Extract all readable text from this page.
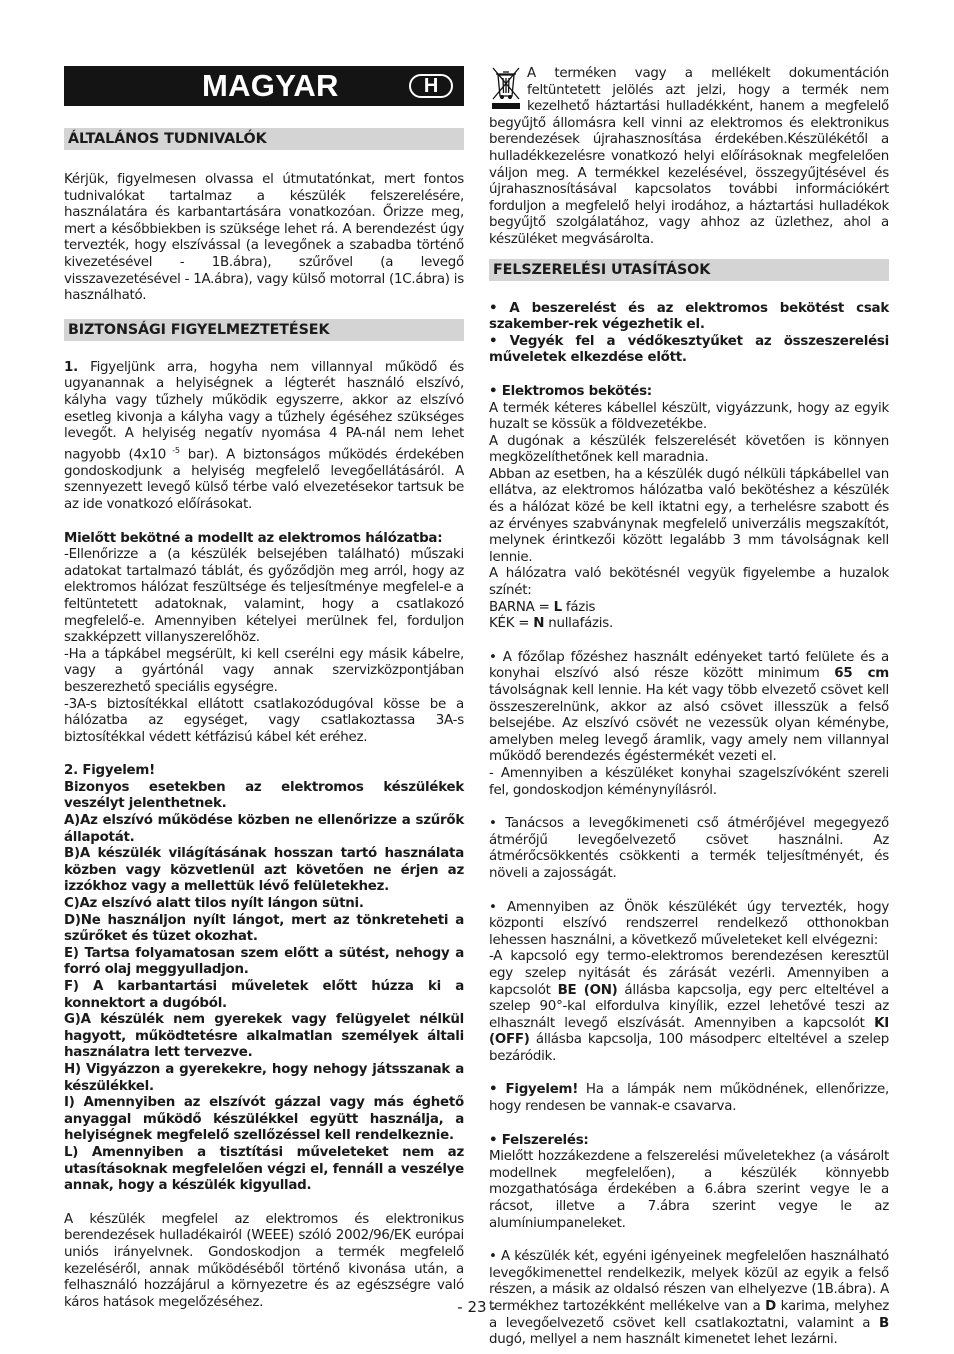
MAGYAR	H
ÁLTALÁNOS TUDNIVALÓK

Kérjük, figyelmesen olvassa el útmutatónkat, mert fontos tudnivalókat tartalmaz a készülék felszerelésére, használatára és karbantartására vonatkozóan. Őrizze meg, mert a későbbiekben is szüksége lehet rá. A berendezést úgy tervezték, hogy elszívással (a levegőnek a szabadba történő kivezetésével - 1B.ábra), szűrővel (a levegő visszavezetésével - 1A.ábra), vagy külső motorral (1C.ábra) is használható.

BIZTONSÁGI FIGYELMEZTETÉSEK

1. Figyeljünk arra, hogyha nem villannyal működő és ugyanannak a helyiségnek a légterét használó elszívó, kályha vagy tűzhely működik egyszerre, akkor az elszívó esetleg kivonja a kályha vagy a tűzhely égéséhez szükséges levegőt. A helyiség negatív nyomása 4 PA-nál nem lehet nagyobb (4x10 $^{-5}$ bar). A biztonságos működés érdekében gondoskodjunk a helyiség megfelelő levegőellátásáról. A szennyezett levegő külső térbe való elvezetésekor tartsuk be az ide vonatkozó előírásokat.

Mielőtt bekötné a modellt az elektromos hálózatba:

-Ellenőrizze a (a készülék belsejében található) műszaki adatokat tartalmazó táblát, és győződjön meg arról, hogy az elektromos hálózat feszültsége és teljesítménye megfelel-e a feltüntetett adatoknak, valamint, hogy a csatlakozó megfelelő-e. Amennyiben kételyei merülnek fel, forduljon szakképzett villanyszerelőhöz.

-Ha a tápkábel megsérült, ki kell cserélni egy másik kábelre, vagy a gyártónál vagy annak szervizközpontjában beszerezhető speciális egységre.

-3A-s biztosítékkal ellátott csatlakozódugóval kösse be a hálózatba az egységet, vagy csatlakoztassa 3A-s biztosítékkal védett kétfázisú kábel két eréhez.

2. Figyelem!

Bizonyos esetekben az elektromos készülékek veszélyt jelenthetnek.

A)Az elszívó működése közben ne ellenőrizze a szűrők állapotát.

B)A készülék világításának hosszan tartó használata közben vagy közvetlenül azt követően ne érjen az izzókhoz vagy a mellettük lévő felületekhez.

C)Az elszívó alatt tilos nyílt lángon sütni.

D)Ne használjon nyílt lángot, mert az tönkreteheti a szűrőket és tüzet okozhat.

E) Tartsa folyamatosan szem előtt a sütést, nehogy a forró olaj meggyulladjon.

F) A karbantartási műveletek előtt húzza ki a konnektort a dugóból.

G)A készülék nem gyerekek vagy felügyelet nélkül hagyott, működtetésre alkalmatlan személyek általi használatra lett tervezve.

H) Vigyázzon a gyerekekre, hogy nehogy játsszanak a készülékkel.

I) Amennyiben az elszívót gázzal vagy más éghető anyaggal működő készülékkel együtt használja, a helyiségnek megfelelő szellőzéssel kell rendelkeznie.

L) Amennyiben a tisztítási műveleteket nem az utasításoknak megfelelően végzi el, fennáll a veszélye annak, hogy a készülék kigyullad.

A készülék megfelel az elektromos és elektronikus berendezések hulladékairól (WEEE) szóló 2002/96/EK európai uniós irányelvnek. Gondoskodjon a termék megfelelő kezeléséről, annak működéséből történő kivonása után, a felhasználó hozzájárul a környezetre és az egészségre való káros hatások megelőzéséhez.

A terméken vagy a mellékelt dokumentáción feltüntetett jelölés azt jelzi, hogy a termék nem kezelhető háztartási hulladékként, hanem a megfelelő begyűjtő állomásra kell vinni az elektromos és elektronikus berendezések újrahasznosítása érdekében.Készülékétől a hulladékkezelésre vonatkozó helyi előírásoknak megfelelően váljon meg. A termékkel kezelésével, összegyűjtésével és újrahasznosításával kapcsolatos további információkért forduljon a megfelelő helyi irodához, a háztartási hulladékok begyűjtő szolgálatához, vagy ahhoz az üzlethez, ahol a készüléket megvásárolta.

FELSZERELÉSI UTASÍTÁSOK

• A beszerelést és az elektromos bekötést csak szakember-rek végezhetik el.

• Vegyék fel a védőkesztyűket az összeszerelési műveletek elkezdése előtt.

• Elektromos bekötés:

A termék kéteres kábellel készült, vigyázzunk, hogy az egyik huzalt se kössük a földvezetékbe.

A dugónak a készülék felszerelését követően is könnyen megközelíthetőnek kell maradnia.

Abban az esetben, ha a készülék dugó nélküli tápkábellel van ellátva, az elektromos hálózatba való bekötéshez a készülék és a hálózat közé be kell iktatni egy, a terhelésre szabott és az érvényes szabványnak megfelelő univerzális megszakítót, melynek érintkezői között legalább 3 mm távolságnak kell lennie.

A hálózatra való bekötésnél vegyük figyelembe a huzalok színét:

BARNA = L fázis

KÉK = N nullafázis.

• A főzőlap főzéshez használt edényeket tartó felülete és a konyhai elszívó alsó része között minimum 65 cm távolságnak kell lennie. Ha két vagy több elvezető csövet kell összeszerelnünk, akkor az alsó csövet illesszük a felső belsejébe. Az elszívó csövét ne vezessük olyan kéménybe, amelyben meleg levegő áramlik, vagy amely nem villannyal működő berendezés égéstermékét vezeti el.

- Amennyiben a készüléket konyhai szagelszívóként szereli fel, gondoskodjon kéménynyílásról.

• Tanácsos a levegőkimeneti cső átmérőjével megegyező átmérőjű levegőelvezető csövet használni. Az átmérőcsökkentés csökkenti a termék teljesítményét, és növeli a zajosságát.

• Amennyiben az Önök készülékét úgy tervezték, hogy központi elszívó rendszerrel rendelkező otthonokban lehessen használni, a következő műveleteket kell elvégezni:

-A kapcsoló egy termo-elektromos berendezésen keresztül egy szelep nyitását és zárását vezérli. Amennyiben a kapcsolót BE (ON) állásba kapcsolja, egy perc elteltével a szelep 90°-kal elfordulva kinyílik, ezzel lehetővé teszi az elhasznált levegő elszívását. Amennyiben a kapcsolót KI (OFF) állásba kapcsolja, 100 másodperc elteltével a szelep bezáródik.

• Figyelem! Ha a lámpák nem működnének, ellenőrizze, hogy rendesen be vannak-e csavarva.

• Felszerelés:

Mielőtt hozzákezdene a felszerelési műveletekhez (a vásárolt modellnek megfelelően), a készülék könnyebb mozgathatósága érdekében a 6.ábra szerint vegye le a rácsot, illetve a 7.ábra szerint vegye le az alumíniumpaneleket.

• A készülék két, egyéni igényeinek megfelelően használható levegőkimenettel rendelkezik, melyek közül az egyik a felső részen, a másik az oldalsó részen van elhelyezve (1B.ábra). A termékhez tartozékként mellékelve van a D karima, melyhez a levegőelvezető csövet kell csatlakoztatni, valamint a B dugó, mellyel a nem használt kimenetet lehet lezárni.

- 23 -
